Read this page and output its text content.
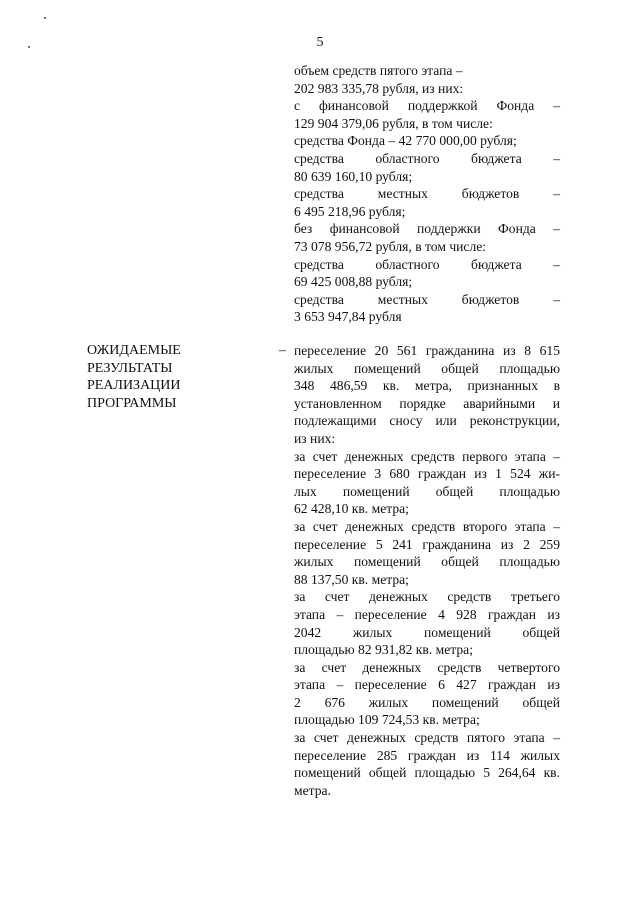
5
объем средств пятого этапа –
202 983 335,78 рубля, из них:
с финансовой поддержкой Фонда –
129 904 379,06 рубля, в том числе:
средства Фонда – 42 770 000,00 рубля;
средства областного бюджета –
80 639 160,10 рубля;
средства местных бюджетов –
6 495 218,96 рубля;
без финансовой поддержки Фонда –
73 078 956,72 рубля, в том числе:
средства областного бюджета –
69 425 008,88 рубля;
средства местных бюджетов –
3 653 947,84 рубля
ОЖИДАЕМЫЕ
РЕЗУЛЬТАТЫ
РЕАЛИЗАЦИИ
ПРОГРАММЫ
– переселение 20 561 гражданина из 8 615
жилых помещений общей площадью
348 486,59 кв. метра, признанных в
установленном порядке аварийными и
подлежащими сносу или реконструкции,
из них:
за счет денежных средств первого этапа –
переселение 3 680 граждан из 1 524 жи-
лых помещений общей площадью
62 428,10 кв. метра;
за счет денежных средств второго этапа –
переселение 5 241 гражданина из 2 259
жилых помещений общей площадью
88 137,50 кв. метра;
за счет денежных средств третьего
этапа – переселение 4 928 граждан из
2042 жилых помещений общей
площадью 82 931,82 кв. метра;
за счет денежных средств четвертого
этапа – переселение 6 427 граждан из
2 676 жилых помещений общей
площадью 109 724,53 кв. метра;
за счет денежных средств пятого этапа –
переселение 285 граждан из 114 жилых
помещений общей площадью 5 264,64 кв.
метра.
